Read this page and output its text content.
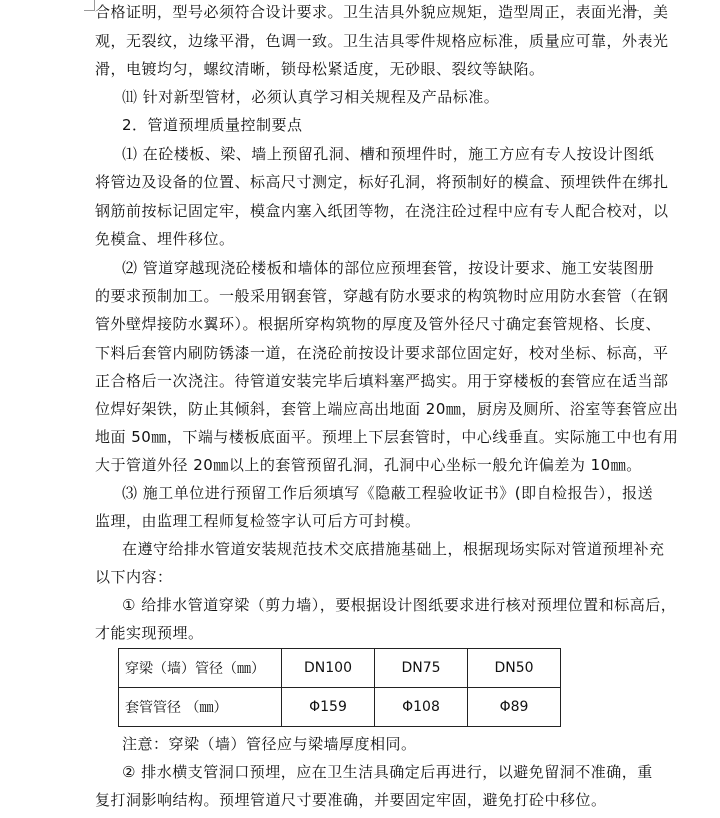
穿梁（墙）管径（㎜）	DN100	DN75	DN50
套管管径 （㎜）	Φ159	Φ108	Φ89
合格证明，型号必须符合设计要求。卫生洁具外貌应规矩，造型周正，表面光滑，美
观，无裂纹，边缘平滑，色调一致。卫生洁具零件规格应标准，质量应可靠，外表光
滑，电镀均匀，螺纹清晰，锁母松紧适度，无砂眼、裂纹等缺陷。
⑾ 针对新型管材，必须认真学习相关规程及产品标准。
2．管道预埋质量控制要点
⑴ 在砼楼板、梁、墙上预留孔洞、槽和预埋件时，施工方应有专人按设计图纸
将管边及设备的位置、标高尺寸测定，标好孔洞，将预制好的模盒、预埋铁件在绑扎
钢筋前按标记固定牢，模盒内塞入纸团等物，在浇注砼过程中应有专人配合校对，以
免模盒、埋件移位。
⑵ 管道穿越现浇砼楼板和墙体的部位应预埋套管，按设计要求、施工安装图册
的要求预制加工。一般采用钢套管，穿越有防水要求的构筑物时应用防水套管（在钢
管外壁焊接防水翼环）。根据所穿构筑物的厚度及管外径尺寸确定套管规格、长度、
下料后套管内刷防锈漆一道，在浇砼前按设计要求部位固定好，校对坐标、标高，平
正合格后一次浇注。待管道安装完毕后填料塞严捣实。用于穿楼板的套管应在适当部
位焊好架铁，防止其倾斜，套管上端应高出地面 20㎜，厨房及厕所、浴室等套管应出
地面 50㎜，下端与楼板底面平。预埋上下层套管时，中心线垂直。实际施工中也有用
大于管道外径 20㎜以上的套管预留孔洞，孔洞中心坐标一般允许偏差为 10㎜。
⑶ 施工单位进行预留工作后须填写《隐蔽工程验收证书》(即自检报告），报送
监理，由监理工程师复检签字认可后方可封模。
在遵守给排水管道安装规范技术交底措施基础上，根据现场实际对管道预埋补充
以下内容：
① 给排水管道穿梁（剪力墙），要根据设计图纸要求进行核对预埋位置和标高后，
才能实现预埋。
注意：穿梁（墙）管径应与梁墙厚度相同。
② 排水横支管洞口预埋，应在卫生洁具确定后再进行，以避免留洞不准确，重
复打洞影响结构。预埋管道尺寸要准确，并要固定牢固，避免打砼中移位。
